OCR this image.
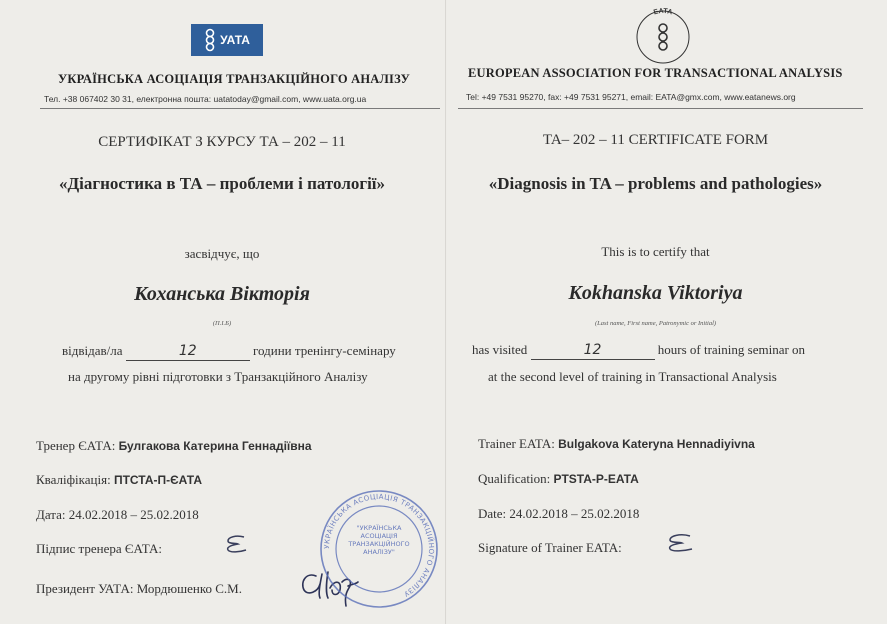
УАТА
УКРАЇНСЬКА АСОЦІАЦІЯ ТРАНЗАКЦІЙНОГО АНАЛІЗУ
Тел. +38 067402 30 31, електронна пошта: uatatoday@gmail.com, www.uata.org.ua
СЕРТИФІКАТ З КУРСУ ТА – 202 – 11
«Діагностика в ТА – проблеми і патології»
засвідчує, що
Коханська Вікторія
(П.І.Б)
відвідав/ла	12	години тренінгу-семінару
на другому рівні підготовки з Транзакційного Аналізу
Тренер ЄАТА: Булгакова Катерина Геннадіївна
Кваліфікація: ПТСТА-П-ЄАТА
Дата: 24.02.2018 – 25.02.2018
Підпис тренера ЄАТА:
Президент УАТА: Мордюшенко С.М.
УКРАЇНСЬКА АСОЦІАЦІЯ ТРАНЗАКЦІЙНОГО АНАЛІЗУ
"УКРАЇНСЬКА АСОЦІАЦІЯ ТРАНЗАКЦІЙНОГО АНАЛІЗУ"
EATA
EUROPEAN ASSOCIATION FOR TRANSACTIONAL ANALYSIS
Tel: +49 7531 95270, fax: +49 7531 95271, email: EATA@gmx.com, www.eatanews.org
TA– 202 – 11 CERTIFICATE FORM
«Diagnosis in TA – problems and pathologies»
This is to certify that
Kokhanska Viktoriya
(Last name, First name, Patronymic or Initial)
has visited	12	hours of training seminar on
at the second level of training in Transactional Analysis
Trainer EATA: Bulgakova Kateryna Hennadiyivna
Qualification: PTSTA-P-EATA
Date: 24.02.2018 – 25.02.2018
Signature of Trainer EATA:
